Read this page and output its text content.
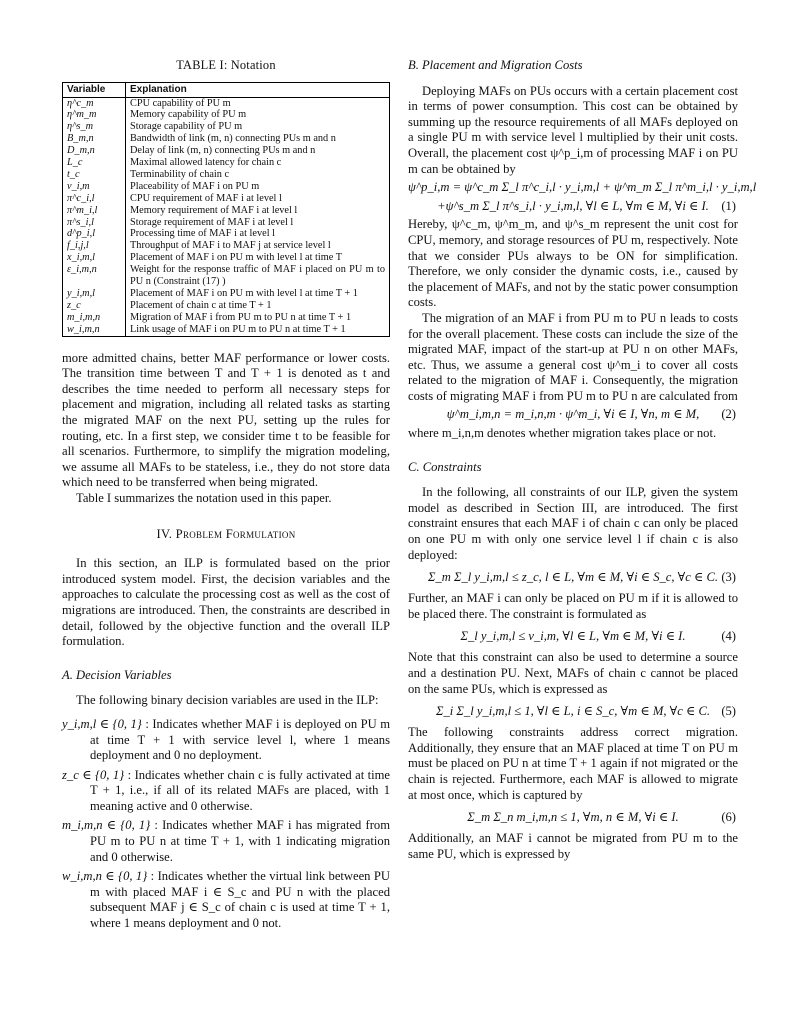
TABLE I: Notation
Variable	Explanation
η^c_m	CPU capability of PU m
η^m_m	Memory capability of PU m
η^s_m	Storage capability of PU m
B_m,n	Bandwidth of link (m, n) connecting PUs m and n
D_m,n	Delay of link (m, n) connecting PUs m and n
L_c	Maximal allowed latency for chain c
t_c	Terminability of chain c
v_i,m	Placeability of MAF i on PU m
π^c_i,l	CPU requirement of MAF i at level l
π^m_i,l	Memory requirement of MAF i at level l
π^s_i,l	Storage requirement of MAF i at level l
d^p_i,l	Processing time of MAF i at level l
f_i,j,l	Throughput of MAF i to MAF j at service level l
x_i,m,l	Placement of MAF i on PU m with level l at time T
ε_i,m,n	Weight for the response traffic of MAF i placed on PU m to PU n (Constraint (17) )
y_i,m,l	Placement of MAF i on PU m with level l at time T + 1
z_c	Placement of chain c at time T + 1
m_i,m,n	Migration of MAF i from PU m to PU n at time T + 1
w_i,m,n	Link usage of MAF i on PU m to PU n at time T + 1

more admitted chains, better MAF performance or lower costs. The transition time between T and T + 1 is denoted as t and describes the time needed to perform all necessary steps for placement and migration, including all related tasks as starting the migrated MAF on the next PU, setting up the rules for routing, etc. In a first step, we consider time t to be feasible for all scenarios. Furthermore, to simplify the migration modeling, we assume all MAFs to be stateless, i.e., they do not store data which need to be transferred when being migrated.

Table I summarizes the notation used in this paper.

IV. Problem Formulation

In this section, an ILP is formulated based on the prior introduced system model. First, the decision variables and the approaches to calculate the processing cost as well as the cost of migrations are introduced. Then, the constraints are described in detail, followed by the objective function and the overall ILP formulation.

A. Decision Variables

The following binary decision variables are used in the ILP:

y_i,m,l ∈ {0, 1} : Indicates whether MAF i is deployed on PU m at time T + 1 with service level l, where 1 means deployment and 0 no deployment.
z_c ∈ {0, 1} : Indicates whether chain c is fully activated at time T + 1, i.e., if all of its related MAFs are placed, with 1 meaning active and 0 otherwise.
m_i,m,n ∈ {0, 1} : Indicates whether MAF i has migrated from PU m to PU n at time T + 1, with 1 indicating migration and 0 otherwise.
w_i,m,n ∈ {0, 1} : Indicates whether the virtual link between PU m with placed MAF i ∈ S_c and PU n with the placed subsequent MAF j ∈ S_c of chain c is used at time T + 1, where 1 means deployment and 0 not.
B. Placement and Migration Costs

Deploying MAFs on PUs occurs with a certain placement cost in terms of power consumption. This cost can be obtained by summing up the resource requirements of all MAFs deployed on a single PU m with service level l multiplied by their unit costs. Overall, the placement cost ψ^p_i,m of processing MAF i on PU m can be obtained by

ψ^p_i,m = ψ^c_m Σ_l π^c_i,l · y_i,m,l + ψ^m_m Σ_l π^m_i,l · y_i,m,l
+ψ^s_m Σ_l π^s_i,l · y_i,m,l, ∀l ∈ L, ∀m ∈ M, ∀i ∈ I. (1)

Hereby, ψ^c_m, ψ^m_m, and ψ^s_m represent the unit cost for CPU, memory, and storage resources of PU m, respectively. Note that we consider PUs always to be ON for simplification. Therefore, we only consider the dynamic costs, i.e., caused by the placement of MAFs, and not by the static power consumption costs.

The migration of an MAF i from PU m to PU n leads to costs for the overall placement. These costs can include the size of the migrated MAF, impact of the start-up at PU n on other MAFs, etc. Thus, we assume a general cost ψ^m_i to cover all costs related to the migration of MAF i. Consequently, the migration costs of migrating MAF i from PU m to PU n are calculated from

ψ^m_i,m,n = m_i,n,m · ψ^m_i, ∀i ∈ I, ∀n, m ∈ M, (2)

where m_i,n,m denotes whether migration takes place or not.

C. Constraints

In the following, all constraints of our ILP, given the system model as described in Section III, are introduced. The first constraint ensures that each MAF i of chain c can only be placed on one PU m with only one service level l if chain c is also deployed:

Σ_m Σ_l y_i,m,l ≤ z_c, l ∈ L, ∀m ∈ M, ∀i ∈ S_c, ∀c ∈ C. (3)

Further, an MAF i can only be placed on PU m if it is allowed to be placed there. The constraint is formulated as

Σ_l y_i,m,l ≤ v_i,m, ∀l ∈ L, ∀m ∈ M, ∀i ∈ I.	(4)

Note that this constraint can also be used to determine a source and a destination PU. Next, MAFs of chain c cannot be placed on the same PUs, which is expressed as

Σ_i Σ_l y_i,m,l ≤ 1, ∀l ∈ L, i ∈ S_c, ∀m ∈ M, ∀c ∈ C. (5)

The following constraints address correct migration. Additionally, they ensure that an MAF placed at time T on PU m must be placed on PU n at time T + 1 again if not migrated or the chain is rejected. Furthermore, each MAF is allowed to migrate at most once, which is captured by

Σ_m Σ_n m_i,m,n ≤ 1, ∀m, n ∈ M, ∀i ∈ I.	(6)

Additionally, an MAF i cannot be migrated from PU m to the same PU, which is expressed by
